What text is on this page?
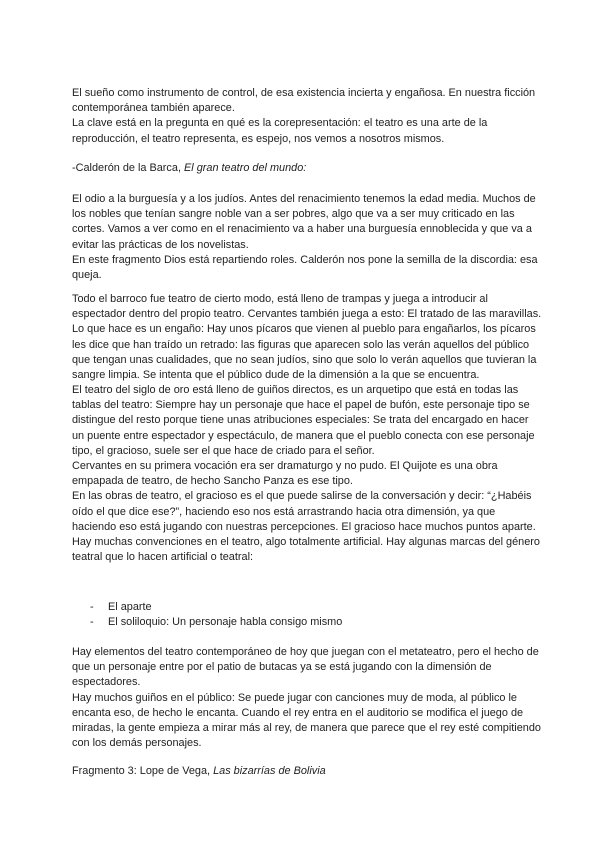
El sueño como instrumento de control, de esa existencia incierta y engañosa. En nuestra ficción contemporánea también aparece.

La clave está en la pregunta en qué es la corepresentación: el teatro es una arte de la reproducción, el teatro representa, es espejo, nos vemos a nosotros mismos.

-Calderón de la Barca, El gran teatro del mundo:

El odio a la burguesía y a los judíos. Antes del renacimiento tenemos la edad media. Muchos de los nobles que tenían sangre noble van a ser pobres, algo que va a ser muy criticado en las cortes. Vamos a ver como en el renacimiento va a haber una burguesía ennoblecida y que va a evitar las prácticas de los novelistas.

En este fragmento Dios está repartiendo roles. Calderón nos pone la semilla de la discordia: esa queja.

Todo el barroco fue teatro de cierto modo, está lleno de trampas y juega a introducir al espectador dentro del propio teatro. Cervantes también juega a esto: El tratado de las maravillas. Lo que hace es un engaño: Hay unos pícaros que vienen al pueblo para engañarlos, los pícaros les dice que han traído un retrado: las figuras que aparecen solo las verán aquellos del público que tengan unas cualidades, que no sean judíos, sino que solo lo verán aquellos que tuvieran la sangre limpia. Se intenta que el público dude de la dimensión a la que se encuentra.

El teatro del siglo de oro está lleno de guiños directos, es un arquetipo que está en todas las tablas del teatro: Siempre hay un personaje que hace el papel de bufón, este personaje tipo se distingue del resto porque tiene unas atribuciones especiales: Se trata del encargado en hacer un puente entre espectador y espectáculo, de manera que el pueblo conecta con ese personaje tipo, el gracioso, suele ser el que hace de criado para el señor.

Cervantes en su primera vocación era ser dramaturgo y no pudo. El Quijote es una obra empapada de teatro, de hecho Sancho Panza es ese tipo.

En las obras de teatro, el gracioso es el que puede salirse de la conversación y decir: “¿Habéis oído el que dice ese?”, haciendo eso nos está arrastrando hacia otra dimensión, ya que haciendo eso está jugando con nuestras percepciones. El gracioso hace muchos puntos aparte.

Hay muchas convenciones en el teatro, algo totalmente artificial. Hay algunas marcas del género teatral que lo hacen artificial o teatral:

- El aparte
- El soliloquio: Un personaje habla consigo mismo

Hay elementos del teatro contemporáneo de hoy que juegan con el metateatro, pero el hecho de que un personaje entre por el patio de butacas ya se está jugando con la dimensión de espectadores.

Hay muchos guiños en el público: Se puede jugar con canciones muy de moda, al público le encanta eso, de hecho le encanta. Cuando el rey entra en el auditorio se modifica el juego de miradas, la gente empieza a mirar más al rey, de manera que parece que el rey esté compitiendo con los demás personajes.

Fragmento 3: Lope de Vega, Las bizarrías de Bolivia
